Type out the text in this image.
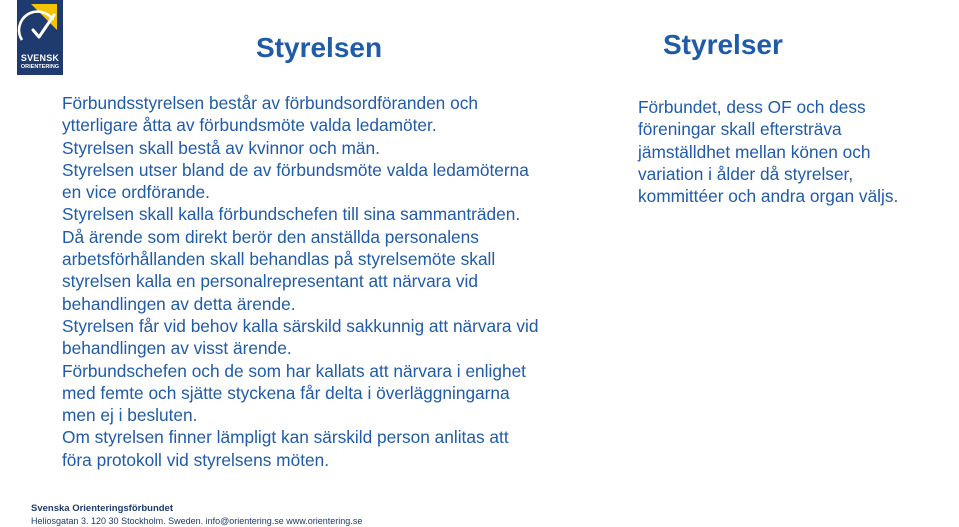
SVENSK
ORIENTERING
Styrelsen
Förbundsstyrelsen består av förbundsordföranden och
ytterligare åtta av förbundsmöte valda ledamöter.
Styrelsen skall bestå av kvinnor och män.
Styrelsen utser bland de av förbundsmöte valda ledamöterna
en vice ordförande.
Styrelsen skall kalla förbundschefen till sina sammanträden.
Då ärende som direkt berör den anställda personalens
arbetsförhållanden skall behandlas på styrelsemöte skall
styrelsen kalla en personalrepresentant att närvara vid
behandlingen av detta ärende.
Styrelsen får vid behov kalla särskild sakkunnig att närvara vid
behandlingen av visst ärende.
Förbundschefen och de som har kallats att närvara i enlighet
med femte och sjätte styckena får delta i överläggningarna
men ej i besluten.
Om styrelsen finner lämpligt kan särskild person anlitas att
föra protokoll vid styrelsens möten.
Styrelser
Förbundet, dess OF och dess
föreningar skall eftersträva
jämställdhet mellan könen och
variation i ålder då styrelser,
kommittéer och andra organ väljs.
Svenska Orienteringsförbundet
Heliosgatan 3. 120 30 Stockholm. Sweden. info@orientering.se www.orientering.se
